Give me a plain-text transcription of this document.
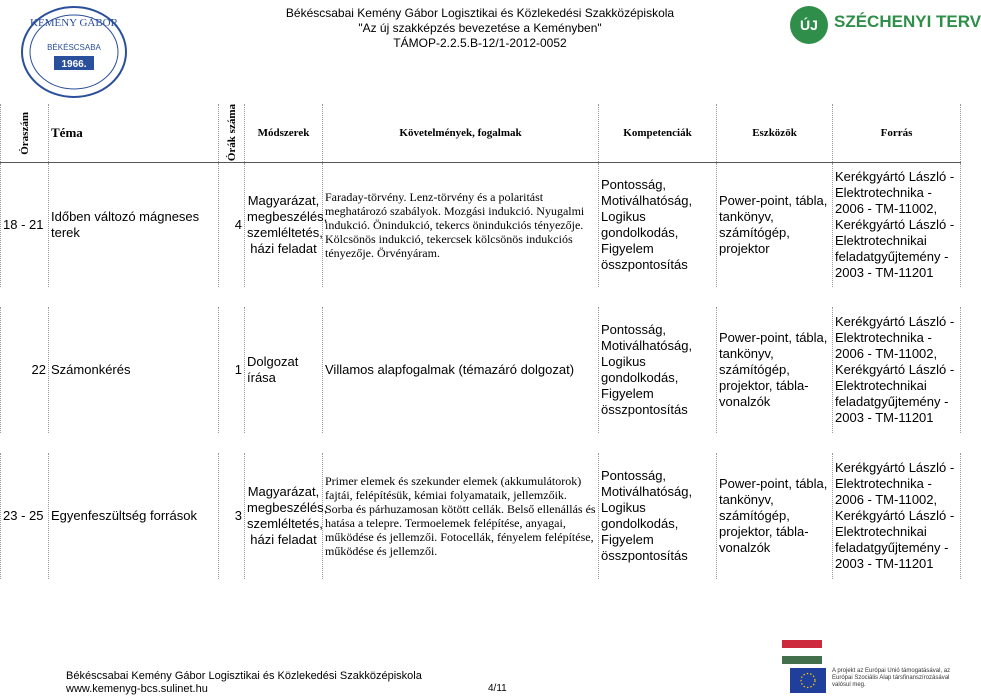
KEMÉNY GÁBOR
BÉKÉSCSABA
1966.
Békéscsabai Kemény Gábor Logisztikai és Közlekedési Szakközépiskola
"Az új szakképzés bevezetése a Keményben"
TÁMOP-2.2.5.B-12/1-2012-0052
ÚJ SZÉCHENYI TERV
Óraszám	Téma	Órák száma	Módszerek	Követelmények, fogalmak	Kompetenciák	Eszközök	Forrás
18 - 21	Időben változó mágneses terek	4	Magyarázat, megbeszélés, szemléltetés, házi feladat	Faraday-törvény. Lenz-törvény és a polaritást meghatározó szabályok. Mozgási indukció. Nyugalmi indukció. Önindukció, tekercs önindukciós tényezője. Kölcsönös indukció, tekercsek kölcsönös indukciós tényezője. Örvényáram.	Pontosság, Motiválhatóság, Logikus gondolkodás, Figyelem összpontosítás	Power-point, tábla, tankönyv, számítógép, projektor	Kerékgyártó László - Elektrotechnika - 2006 - TM-11002, Kerékgyártó László - Elektrotechnikai feladatgyűjtemény - 2003 - TM-11201

22	Számonkérés	1	Dolgozat írása	Villamos alapfogalmak (témazáró dolgozat)	Pontosság, Motiválhatóság, Logikus gondolkodás, Figyelem összpontosítás	Power-point, tábla, tankönyv, számítógép, projektor, tábla-vonalzók	Kerékgyártó László - Elektrotechnika - 2006 - TM-11002, Kerékgyártó László - Elektrotechnikai feladatgyűjtemény - 2003 - TM-11201

23 - 25	Egyenfeszültség források	3	Magyarázat, megbeszélés, szemléltetés, házi feladat	Primer elemek és szekunder elemek (akkumulátorok) fajtái, felépítésük, kémiai folyamataik, jellemzőik. Sorba és párhuzamosan kötött cellák. Belső ellenállás és hatása a telepre. Termoelemek felépítése, anyagai, működése és jellemzői. Fotocellák, fényelem felépítése, működése és jellemzői.	Pontosság, Motiválhatóság, Logikus gondolkodás, Figyelem összpontosítás	Power-point, tábla, tankönyv, számítógép, projektor, tábla-vonalzók	Kerékgyártó László - Elektrotechnika - 2006 - TM-11002, Kerékgyártó László - Elektrotechnikai feladatgyűjtemény - 2003 - TM-11201
Békéscsabai Kemény Gábor Logisztikai és Közlekedési Szakközépiskola
www.kemenyg-bcs.sulinet.hu	4/11
A projekt az Európai Unió támogatásával, az Európai Szociális Alap társfinanszírozásával valósul meg.
